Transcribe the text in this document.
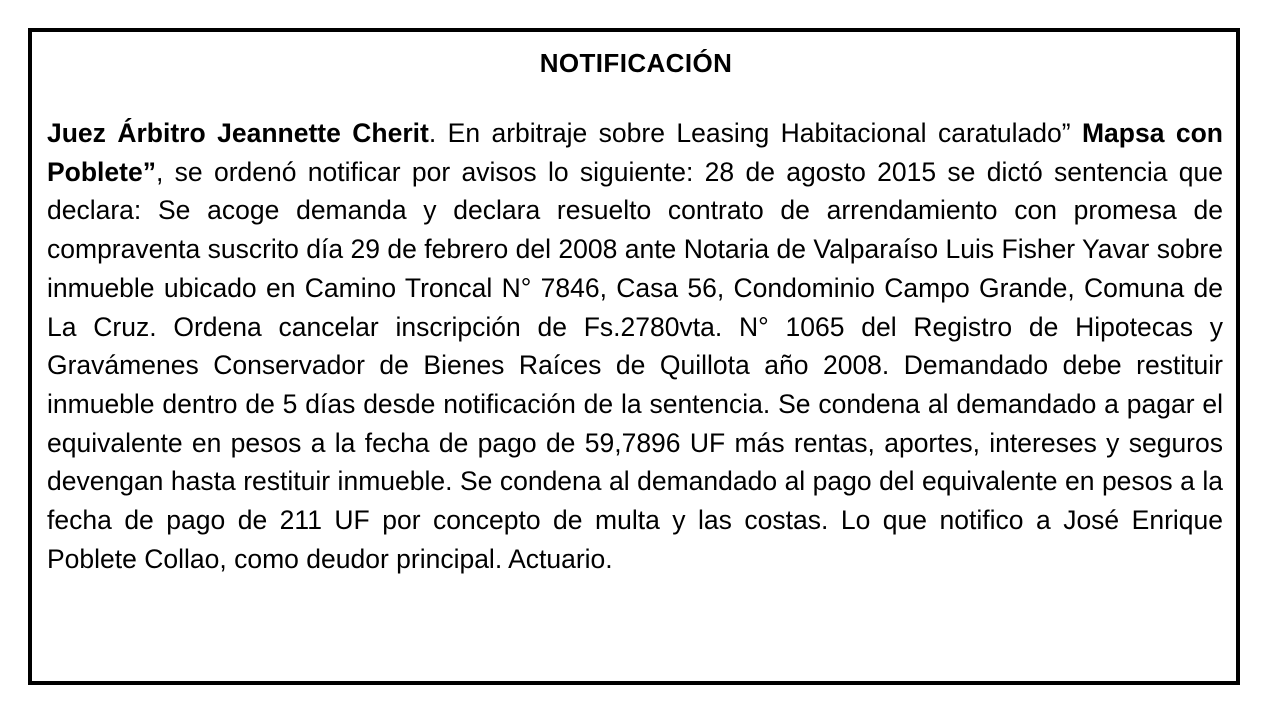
NOTIFICACIÓN

Juez Árbitro Jeannette Cherit. En arbitraje sobre Leasing Habitacional caratulado” Mapsa con Poblete”, se ordenó notificar por avisos lo siguiente: 28 de agosto 2015 se dictó sentencia que declara: Se acoge demanda y declara resuelto contrato de arrendamiento con promesa de compraventa suscrito día 29 de febrero del 2008 ante Notaria de Valparaíso Luis Fisher Yavar sobre inmueble ubicado en Camino Troncal N° 7846, Casa 56, Condominio Campo Grande, Comuna de La Cruz. Ordena cancelar inscripción de Fs.2780vta. N° 1065 del Registro de Hipotecas y Gravámenes Conservador de Bienes Raíces de Quillota año 2008. Demandado debe restituir inmueble dentro de 5 días desde notificación de la sentencia. Se condena al demandado a pagar el equivalente en pesos a la fecha de pago de 59,7896 UF más rentas, aportes, intereses y seguros devengan hasta restituir inmueble. Se condena al demandado al pago del equivalente en pesos a la fecha de pago de 211 UF por concepto de multa y las costas. Lo que notifico a José Enrique Poblete Collao, como deudor principal. Actuario.
